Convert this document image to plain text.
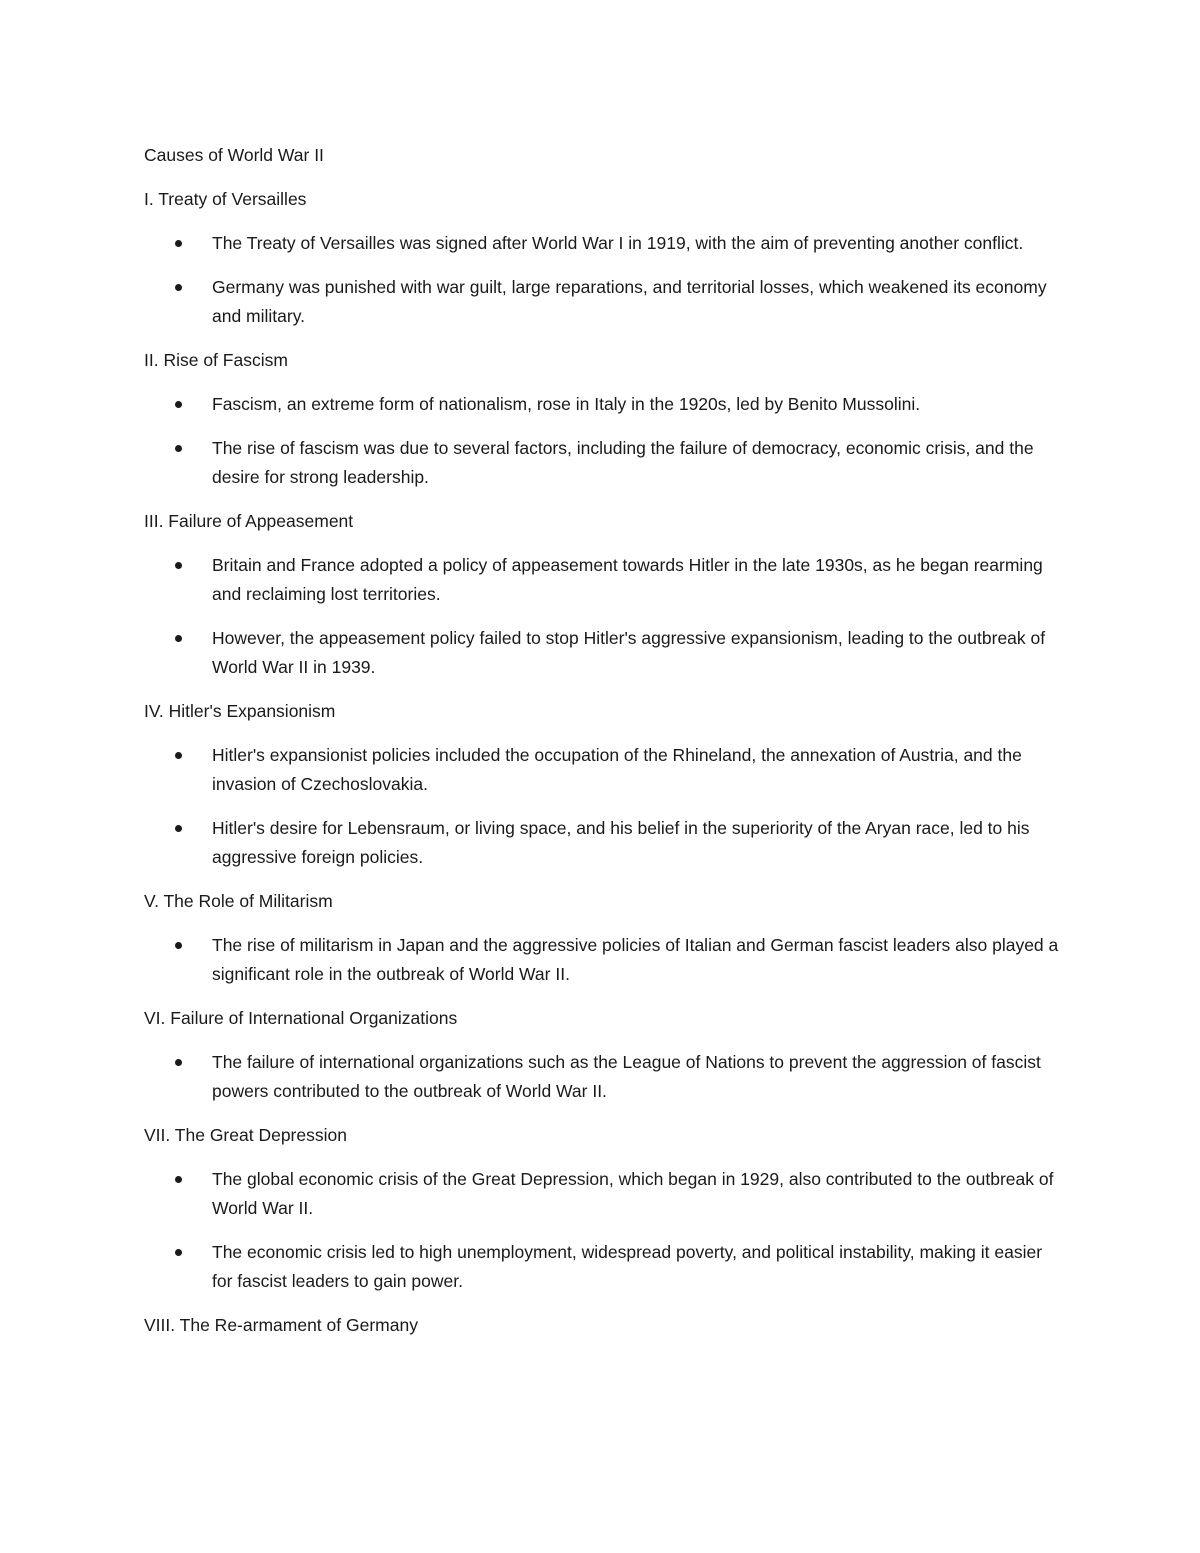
Causes of World War II

I. Treaty of Versailles

The Treaty of Versailles was signed after World War I in 1919, with the aim of preventing another conflict.
Germany was punished with war guilt, large reparations, and territorial losses, which weakened its economy and military.

II. Rise of Fascism

Fascism, an extreme form of nationalism, rose in Italy in the 1920s, led by Benito Mussolini.
The rise of fascism was due to several factors, including the failure of democracy, economic crisis, and the desire for strong leadership.

III. Failure of Appeasement

Britain and France adopted a policy of appeasement towards Hitler in the late 1930s, as he began rearming and reclaiming lost territories.
However, the appeasement policy failed to stop Hitler's aggressive expansionism, leading to the outbreak of World War II in 1939.

IV. Hitler's Expansionism

Hitler's expansionist policies included the occupation of the Rhineland, the annexation of Austria, and the invasion of Czechoslovakia.
Hitler's desire for Lebensraum, or living space, and his belief in the superiority of the Aryan race, led to his aggressive foreign policies.

V. The Role of Militarism

The rise of militarism in Japan and the aggressive policies of Italian and German fascist leaders also played a significant role in the outbreak of World War II.

VI. Failure of International Organizations

The failure of international organizations such as the League of Nations to prevent the aggression of fascist powers contributed to the outbreak of World War II.

VII. The Great Depression

The global economic crisis of the Great Depression, which began in 1929, also contributed to the outbreak of World War II.
The economic crisis led to high unemployment, widespread poverty, and political instability, making it easier for fascist leaders to gain power.

VIII. The Re-armament of Germany
